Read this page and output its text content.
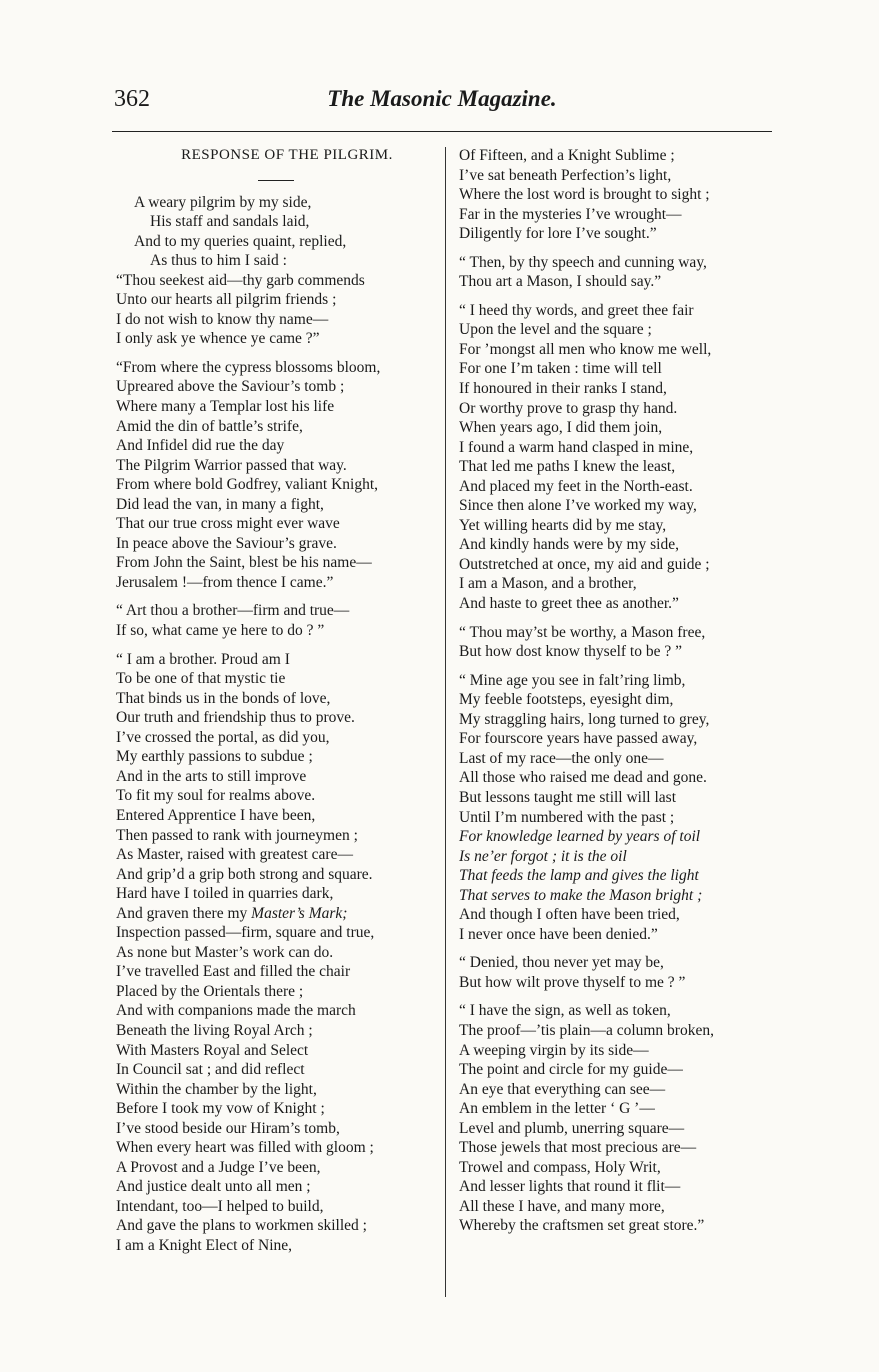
362	The Masonic Magazine.
RESPONSE OF THE PILGRIM.
A weary pilgrim by my side,
His staff and sandals laid,
And to my queries quaint, replied,
As thus to him I said :
“Thou seekest aid—thy garb commends
Unto our hearts all pilgrim friends ;
I do not wish to know thy name—
I only ask ye whence ye came ?”
“From where the cypress blossoms bloom,
Upreared above the Saviour’s tomb ;
Where many a Templar lost his life
Amid the din of battle’s strife,
And Infidel did rue the day
The Pilgrim Warrior passed that way.
From where bold Godfrey, valiant Knight,
Did lead the van, in many a fight,
That our true cross might ever wave
In peace above the Saviour’s grave.
From John the Saint, blest be his name—
Jerusalem !—from thence I came.”
“ Art thou a brother—firm and true—
If so, what came ye here to do ? ”
“ I am a brother. Proud am I
To be one of that mystic tie
That binds us in the bonds of love,
Our truth and friendship thus to prove.
I’ve crossed the portal, as did you,
My earthly passions to subdue ;
And in the arts to still improve
To fit my soul for realms above.
Entered Apprentice I have been,
Then passed to rank with journeymen ;
As Master, raised with greatest care—
And grip’d a grip both strong and square.
Hard have I toiled in quarries dark,
And graven there my Master’s Mark;
Inspection passed—firm, square and true,
As none but Master’s work can do.
I’ve travelled East and filled the chair
Placed by the Orientals there ;
And with companions made the march
Beneath the living Royal Arch ;
With Masters Royal and Select
In Council sat ; and did reflect
Within the chamber by the light,
Before I took my vow of Knight ;
I’ve stood beside our Hiram’s tomb,
When every heart was filled with gloom ;
A Provost and a Judge I’ve been,
And justice dealt unto all men ;
Intendant, too—I helped to build,
And gave the plans to workmen skilled ;
I am a Knight Elect of Nine,
Of Fifteen, and a Knight Sublime ;
I’ve sat beneath Perfection’s light,
Where the lost word is brought to sight ;
Far in the mysteries I’ve wrought—
Diligently for lore I’ve sought.”
“ Then, by thy speech and cunning way,
Thou art a Mason, I should say.”
“ I heed thy words, and greet thee fair
Upon the level and the square ;
For ’mongst all men who know me well,
For one I’m taken : time will tell
If honoured in their ranks I stand,
Or worthy prove to grasp thy hand.
When years ago, I did them join,
I found a warm hand clasped in mine,
That led me paths I knew the least,
And placed my feet in the North-east.
Since then alone I’ve worked my way,
Yet willing hearts did by me stay,
And kindly hands were by my side,
Outstretched at once, my aid and guide ;
I am a Mason, and a brother,
And haste to greet thee as another.”
“ Thou may’st be worthy, a Mason free,
But how dost know thyself to be ? ”
“ Mine age you see in falt’ring limb,
My feeble footsteps, eyesight dim,
My straggling hairs, long turned to grey,
For fourscore years have passed away,
Last of my race—the only one—
All those who raised me dead and gone.
But lessons taught me still will last
Until I’m numbered with the past ;
For knowledge learned by years of toil
Is ne’er forgot ; it is the oil
That feeds the lamp and gives the light
That serves to make the Mason bright ;
And though I often have been tried,
I never once have been denied.”
“ Denied, thou never yet may be,
But how wilt prove thyself to me ? ”
“ I have the sign, as well as token,
The proof—’tis plain—a column broken,
A weeping virgin by its side—
The point and circle for my guide—
An eye that everything can see—
An emblem in the letter ‘ G ’—
Level and plumb, unerring square—
Those jewels that most precious are—
Trowel and compass, Holy Writ,
And lesser lights that round it flit—
All these I have, and many more,
Whereby the craftsmen set great store.”
